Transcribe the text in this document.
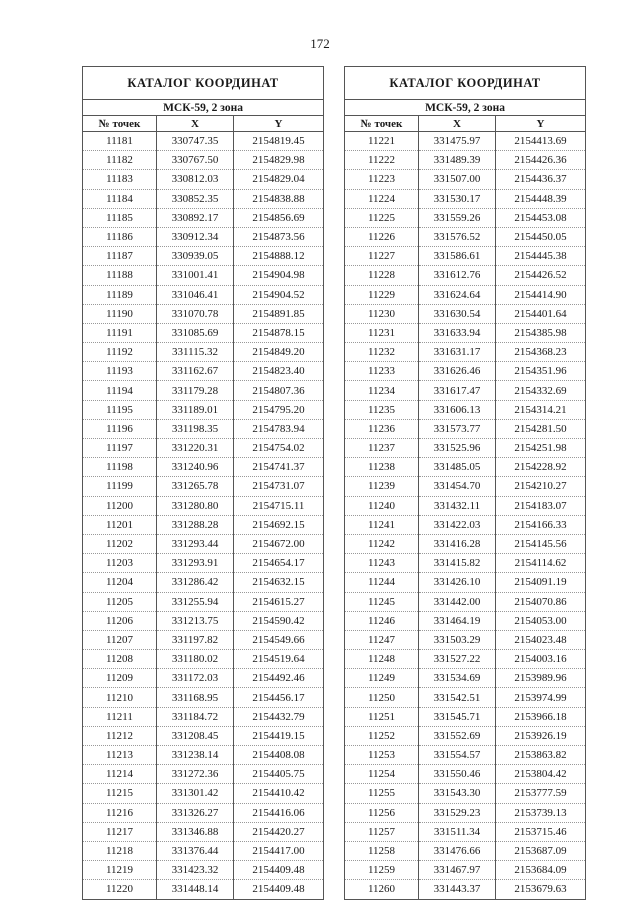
172
КАТАЛОГ КООРДИНАТ		
МСК-59, 2 зона		
№ точек	X	Y
11181	330747.35	2154819.45
11182	330767.50	2154829.98
11183	330812.03	2154829.04
11184	330852.35	2154838.88
11185	330892.17	2154856.69
11186	330912.34	2154873.56
11187	330939.05	2154888.12
11188	331001.41	2154904.98
11189	331046.41	2154904.52
11190	331070.78	2154891.85
11191	331085.69	2154878.15
11192	331115.32	2154849.20
11193	331162.67	2154823.40
11194	331179.28	2154807.36
11195	331189.01	2154795.20
11196	331198.35	2154783.94
11197	331220.31	2154754.02
11198	331240.96	2154741.37
11199	331265.78	2154731.07
11200	331280.80	2154715.11
11201	331288.28	2154692.15
11202	331293.44	2154672.00
11203	331293.91	2154654.17
11204	331286.42	2154632.15
11205	331255.94	2154615.27
11206	331213.75	2154590.42
11207	331197.82	2154549.66
11208	331180.02	2154519.64
11209	331172.03	2154492.46
11210	331168.95	2154456.17
11211	331184.72	2154432.79
11212	331208.45	2154419.15
11213	331238.14	2154408.08
11214	331272.36	2154405.75
11215	331301.42	2154410.42
11216	331326.27	2154416.06
11217	331346.88	2154420.27
11218	331376.44	2154417.00
11219	331423.32	2154409.48
11220	331448.14	2154409.48
КАТАЛОГ КООРДИНАТ		
МСК-59, 2 зона		
№ точек	X	Y
11221	331475.97	2154413.69
11222	331489.39	2154426.36
11223	331507.00	2154436.37
11224	331530.17	2154448.39
11225	331559.26	2154453.08
11226	331576.52	2154450.05
11227	331586.61	2154445.38
11228	331612.76	2154426.52
11229	331624.64	2154414.90
11230	331630.54	2154401.64
11231	331633.94	2154385.98
11232	331631.17	2154368.23
11233	331626.46	2154351.96
11234	331617.47	2154332.69
11235	331606.13	2154314.21
11236	331573.77	2154281.50
11237	331525.96	2154251.98
11238	331485.05	2154228.92
11239	331454.70	2154210.27
11240	331432.11	2154183.07
11241	331422.03	2154166.33
11242	331416.28	2154145.56
11243	331415.82	2154114.62
11244	331426.10	2154091.19
11245	331442.00	2154070.86
11246	331464.19	2154053.00
11247	331503.29	2154023.48
11248	331527.22	2154003.16
11249	331534.69	2153989.96
11250	331542.51	2153974.99
11251	331545.71	2153966.18
11252	331552.69	2153926.19
11253	331554.57	2153863.82
11254	331550.46	2153804.42
11255	331543.30	2153777.59
11256	331529.23	2153739.13
11257	331511.34	2153715.46
11258	331476.66	2153687.09
11259	331467.97	2153684.09
11260	331443.37	2153679.63
